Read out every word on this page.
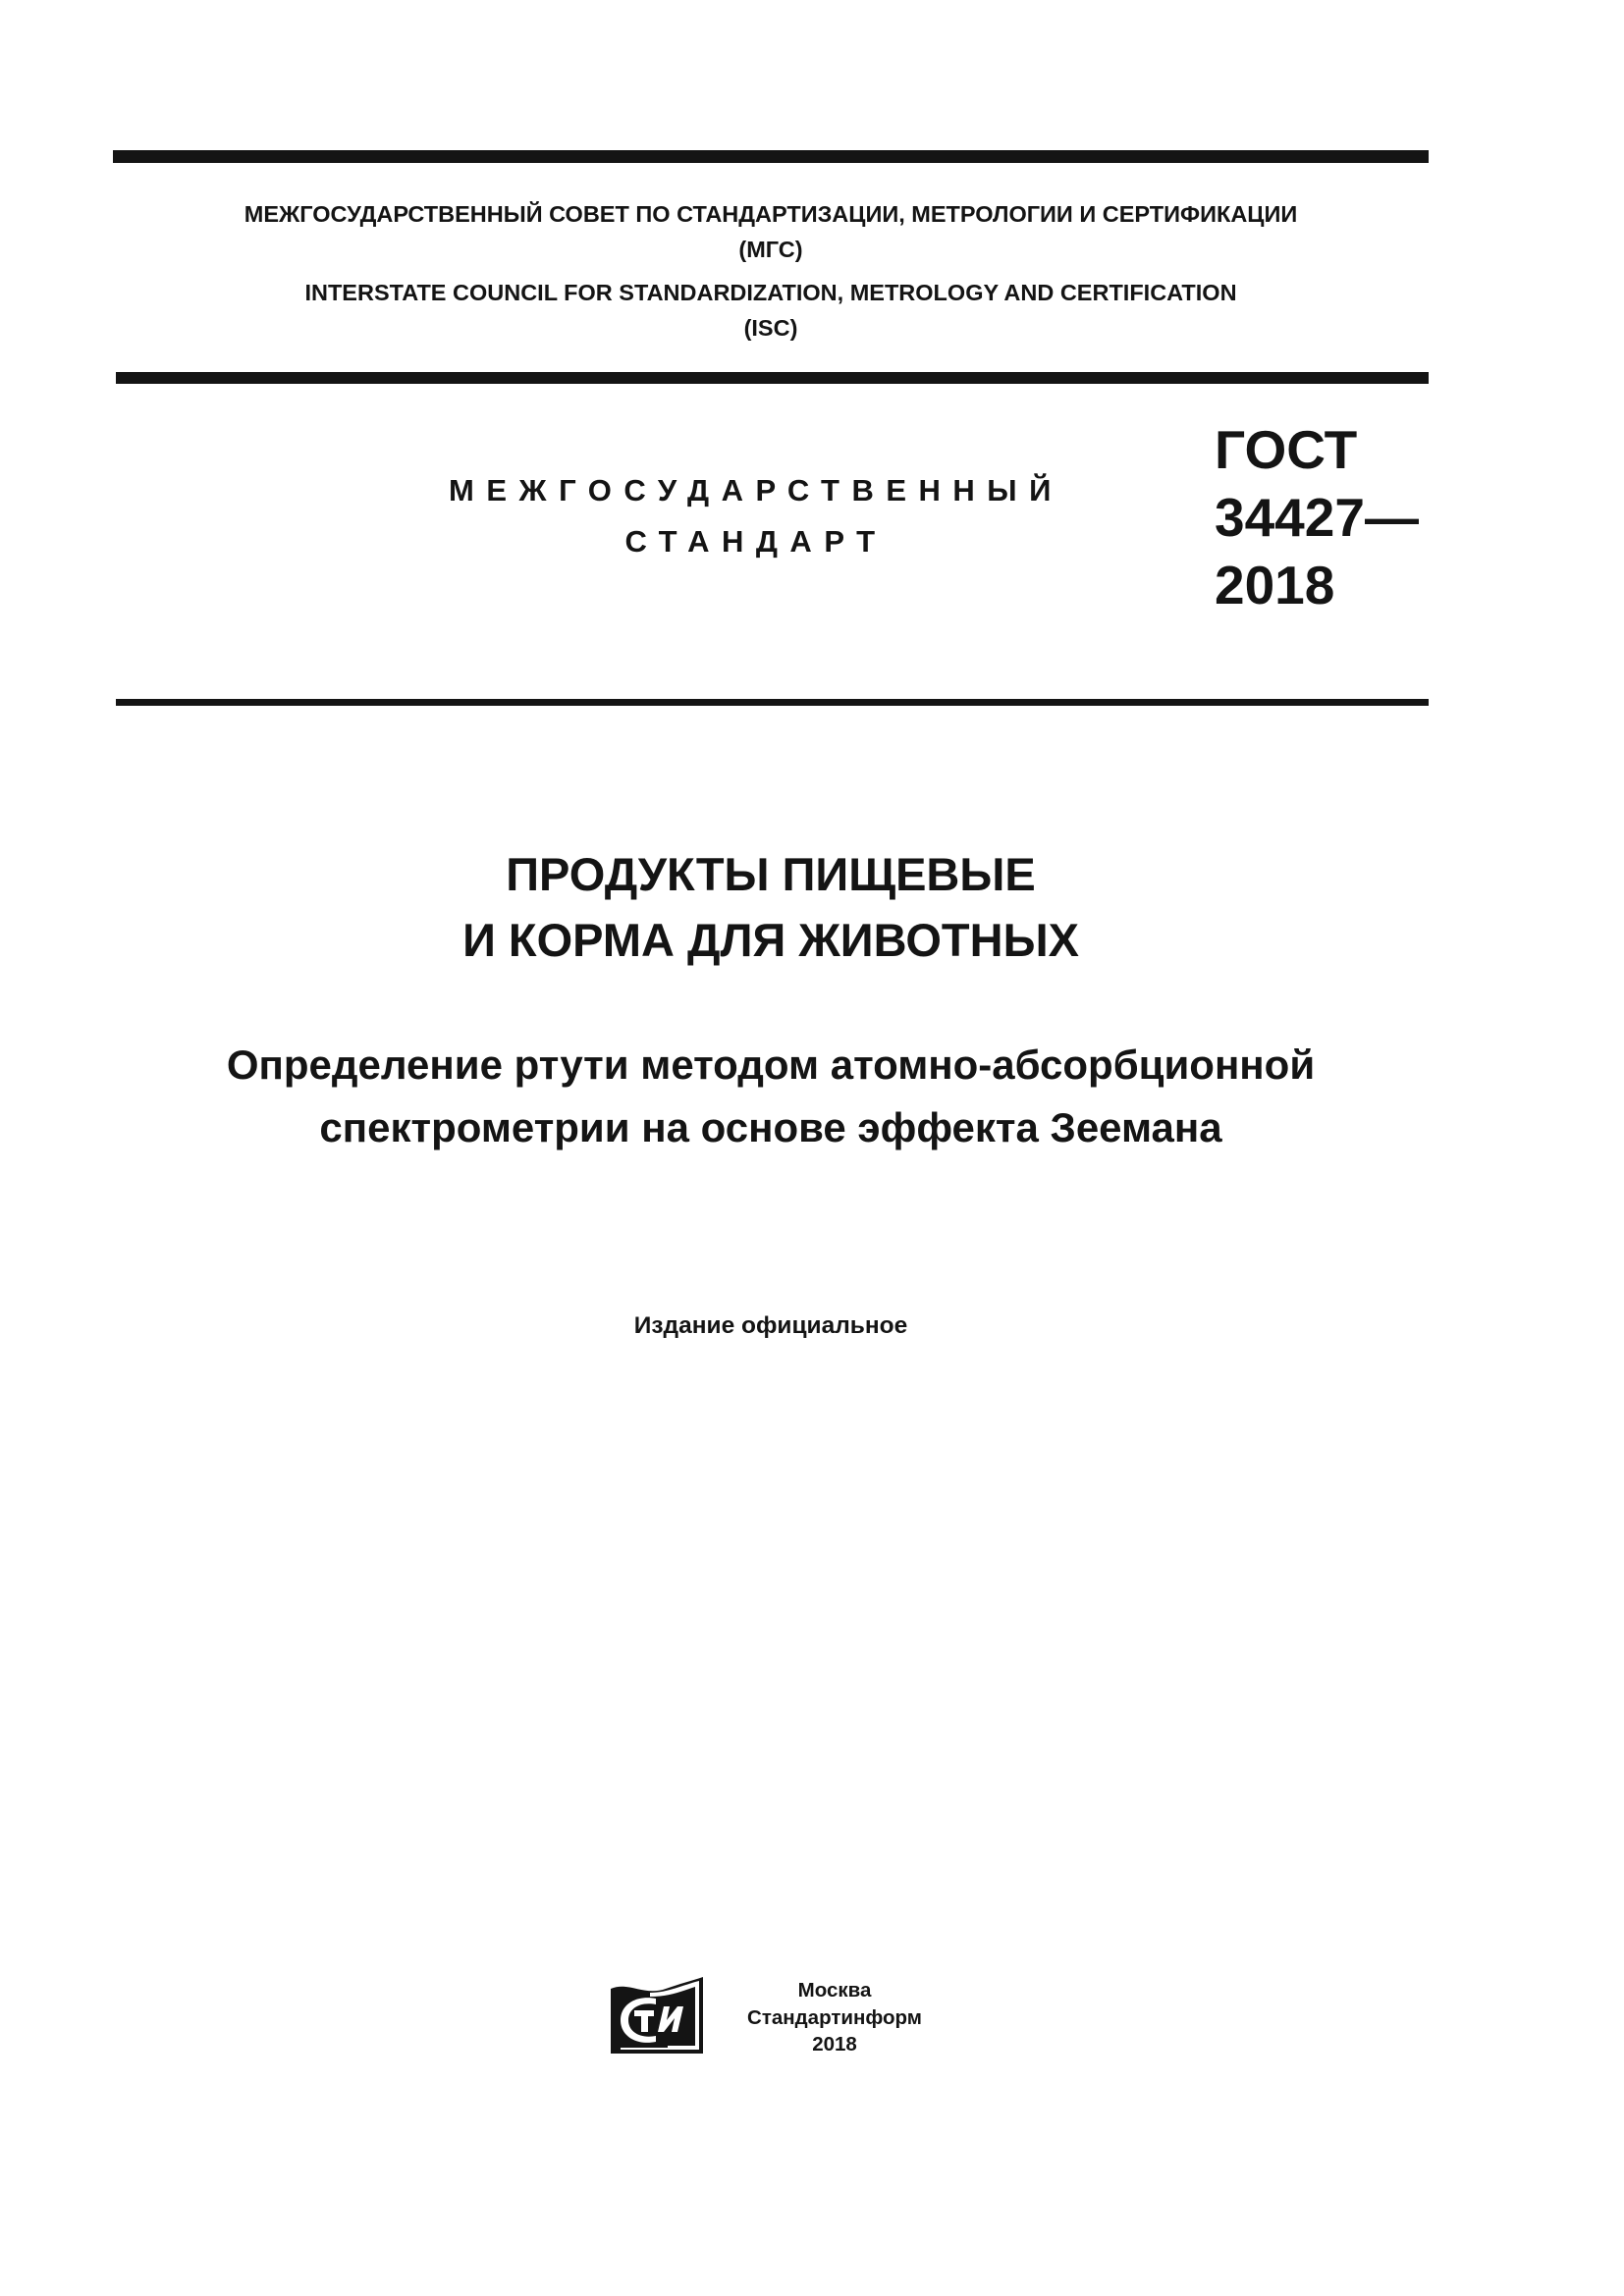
МЕЖГОСУДАРСТВЕННЫЙ СОВЕТ ПО СТАНДАРТИЗАЦИИ, МЕТРОЛОГИИ И СЕРТИФИКАЦИИ
(МГС)
INTERSTATE COUNCIL FOR STANDARDIZATION, METROLOGY AND CERTIFICATION
(ISC)
МЕЖГОСУДАРСТВЕННЫЙ
СТАНДАРТ
ГОСТ
34427—
2018
ПРОДУКТЫ ПИЩЕВЫЕ
И КОРМА ДЛЯ ЖИВОТНЫХ
Определение ртути методом атомно-абсорбционной
спектрометрии на основе эффекта Зеемана
Издание официальное
Москва
Стандартинформ
2018
